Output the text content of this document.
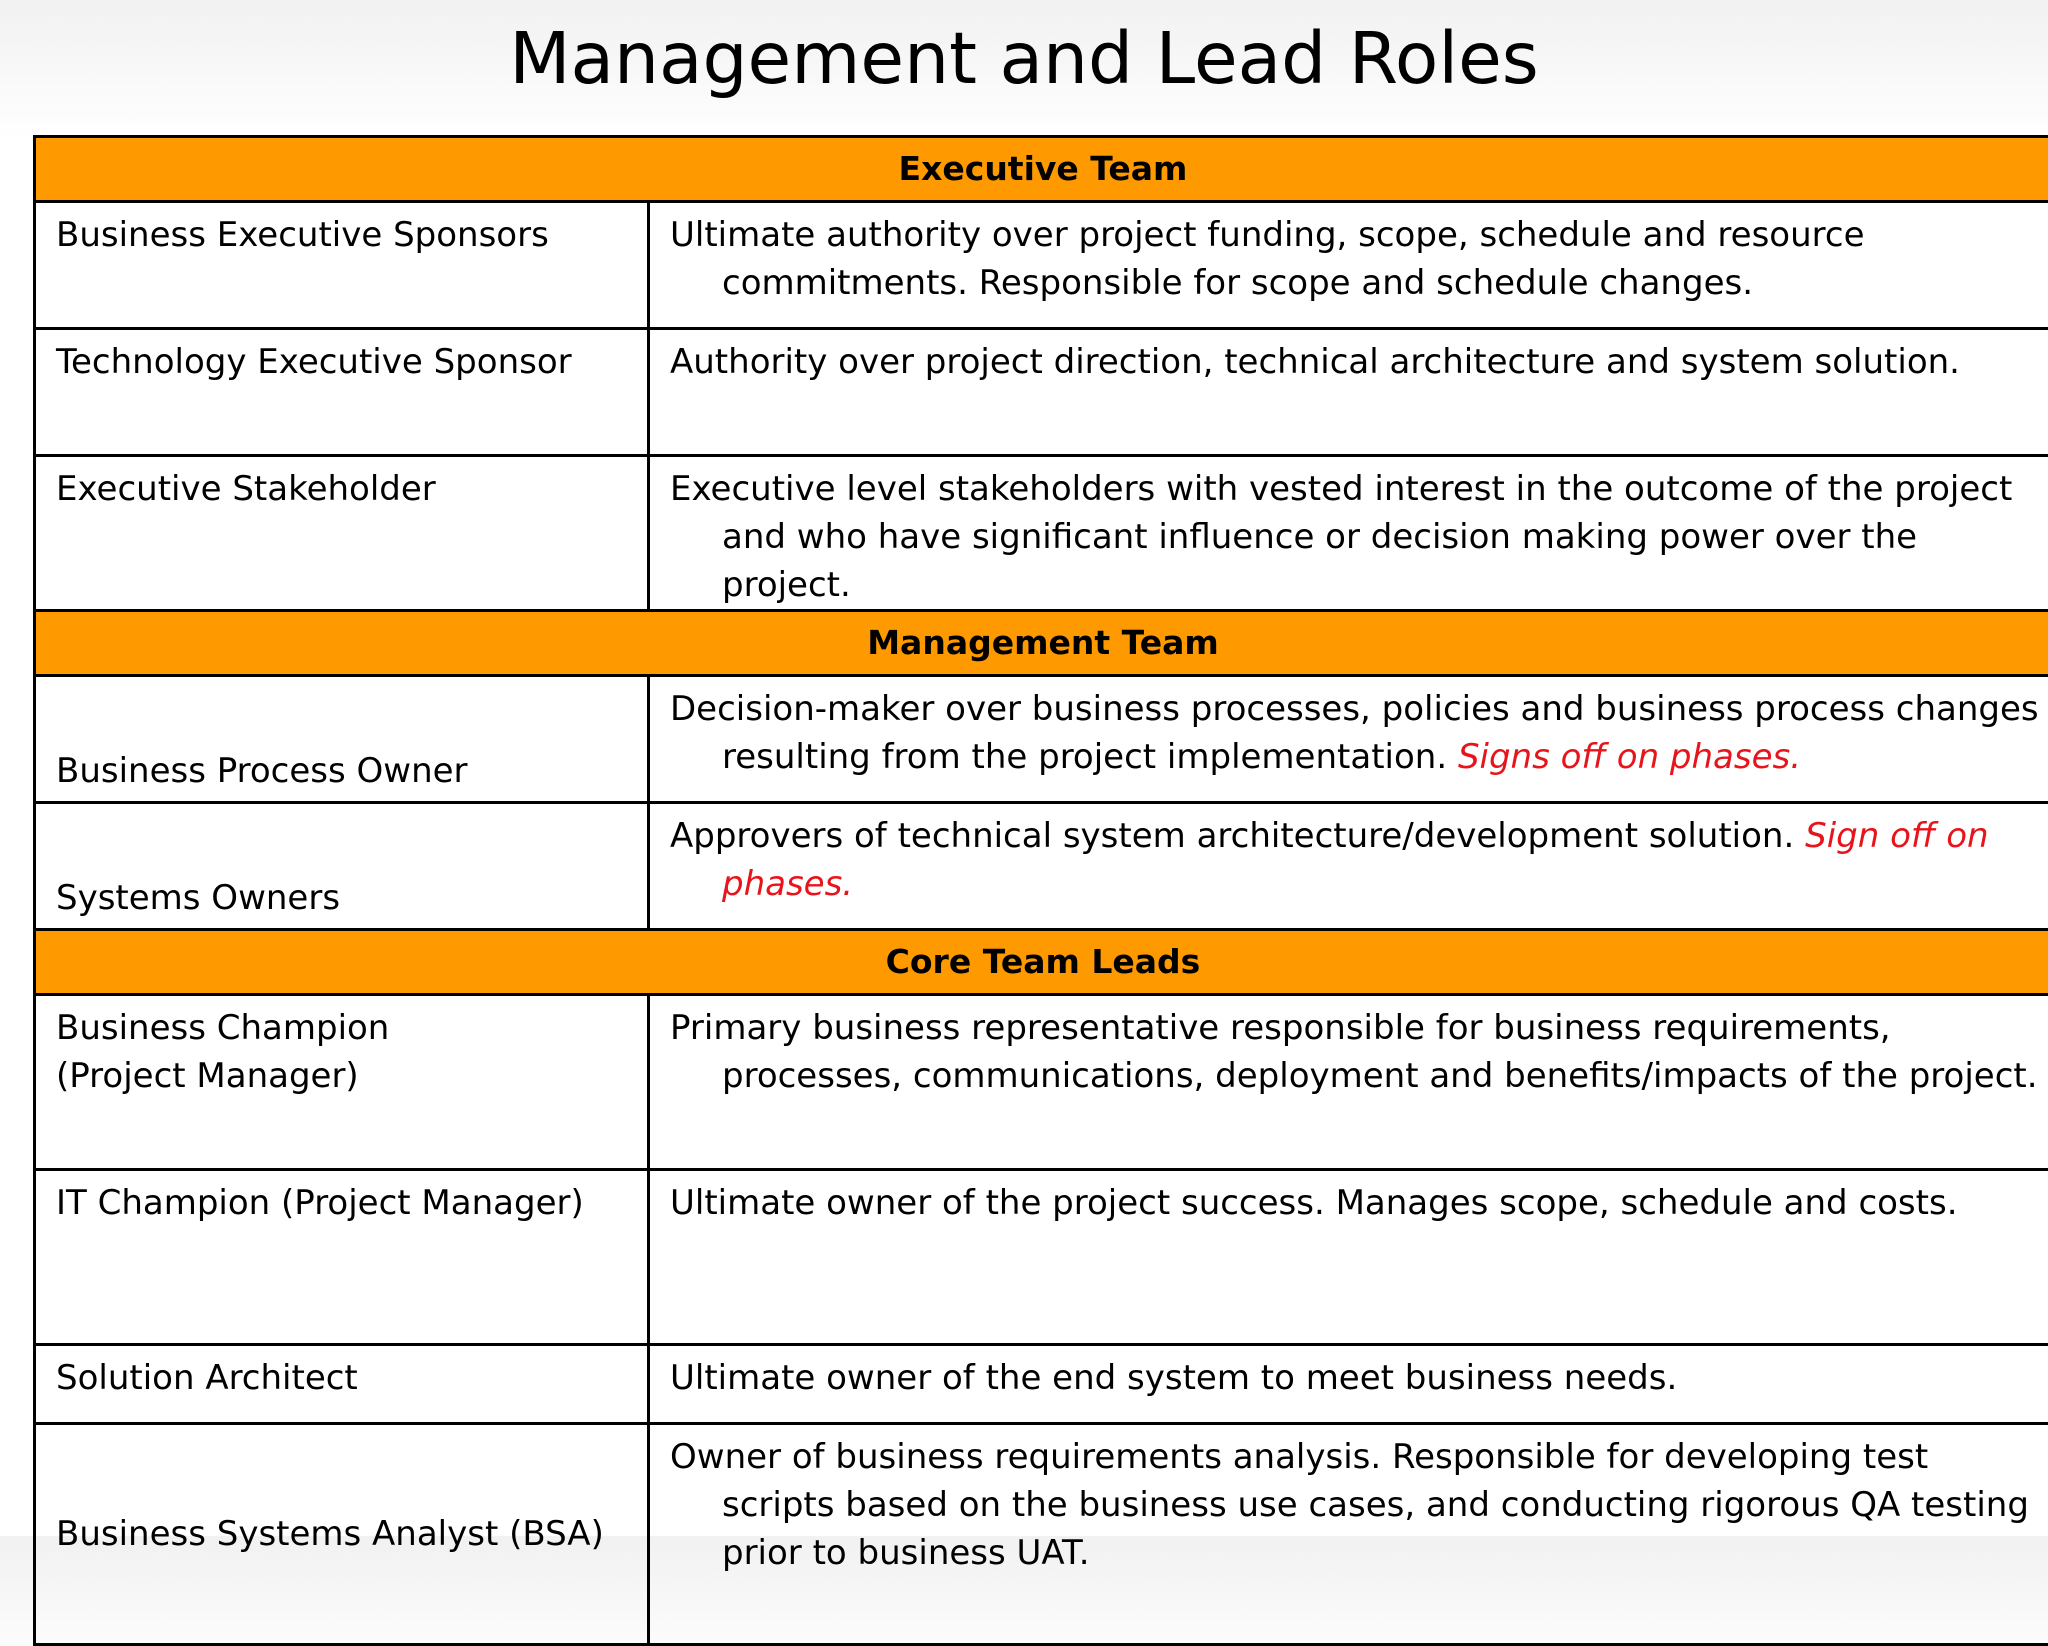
Management and Lead Roles
Executive Team	
Business Executive Sponsors	Ultimate authority over project funding, scope, schedule and resource commitments. Responsible for scope and schedule changes.

Technology Executive Sponsor	Authority over project direction, technical architecture and system solution.

Executive Stakeholder	Executive level stakeholders with vested interest in the outcome of the project and who have significant influence or decision making power over the project.

Management Team	
Business Process Owner	Decision-maker over business processes, policies and business process changes resulting from the project implementation. Signs off on phases.

Systems Owners	Approvers of technical system architecture/development solution. Sign off on phases.

Core Team Leads	

Business Champion
(Project Manager)	Primary business representative responsible for business requirements, processes, communications, deployment and benefits/impacts of the project.

IT Champion (Project Manager)	Ultimate owner of the project success. Manages scope, schedule and costs.

Solution Architect	Ultimate owner of the end system to meet business needs.

Business Systems Analyst (BSA)	Owner of business requirements analysis. Responsible for developing test scripts based on the business use cases, and conducting rigorous QA testing prior to business UAT.
